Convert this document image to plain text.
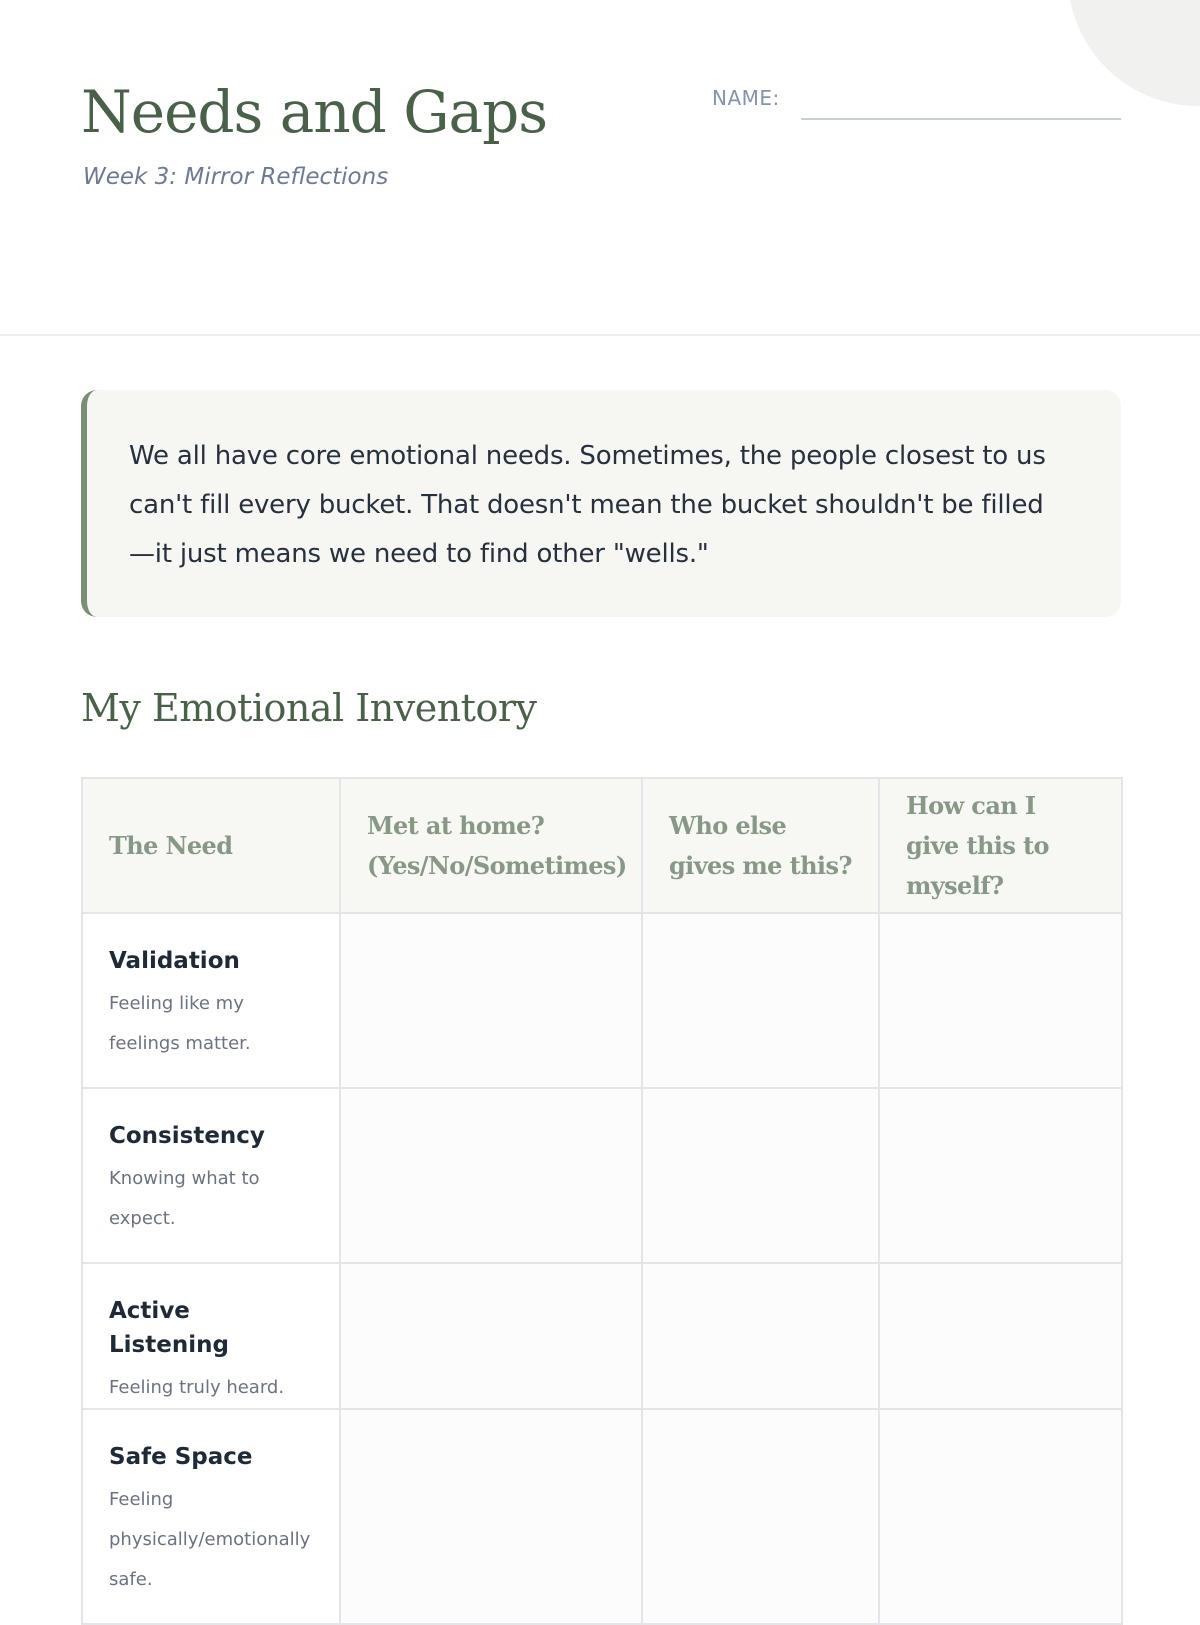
Needs and Gaps
Week 3: Mirror Reflections
NAME:

We all have core emotional needs. Sometimes, the people closest to us can't fill every bucket. That doesn't mean the bucket shouldn't be filled—it just means we need to find other "wells."

My Emotional Inventory
The Need	Met at home? (Yes/No/Sometimes)	Who else gives me this?	How can I give this to myself?

Validation
Feeling like my feelings matter.			

Consistency
Knowing what to expect.			

Active Listening
Feeling truly heard.			

Safe Space
Feeling physically/emotionally safe.			
